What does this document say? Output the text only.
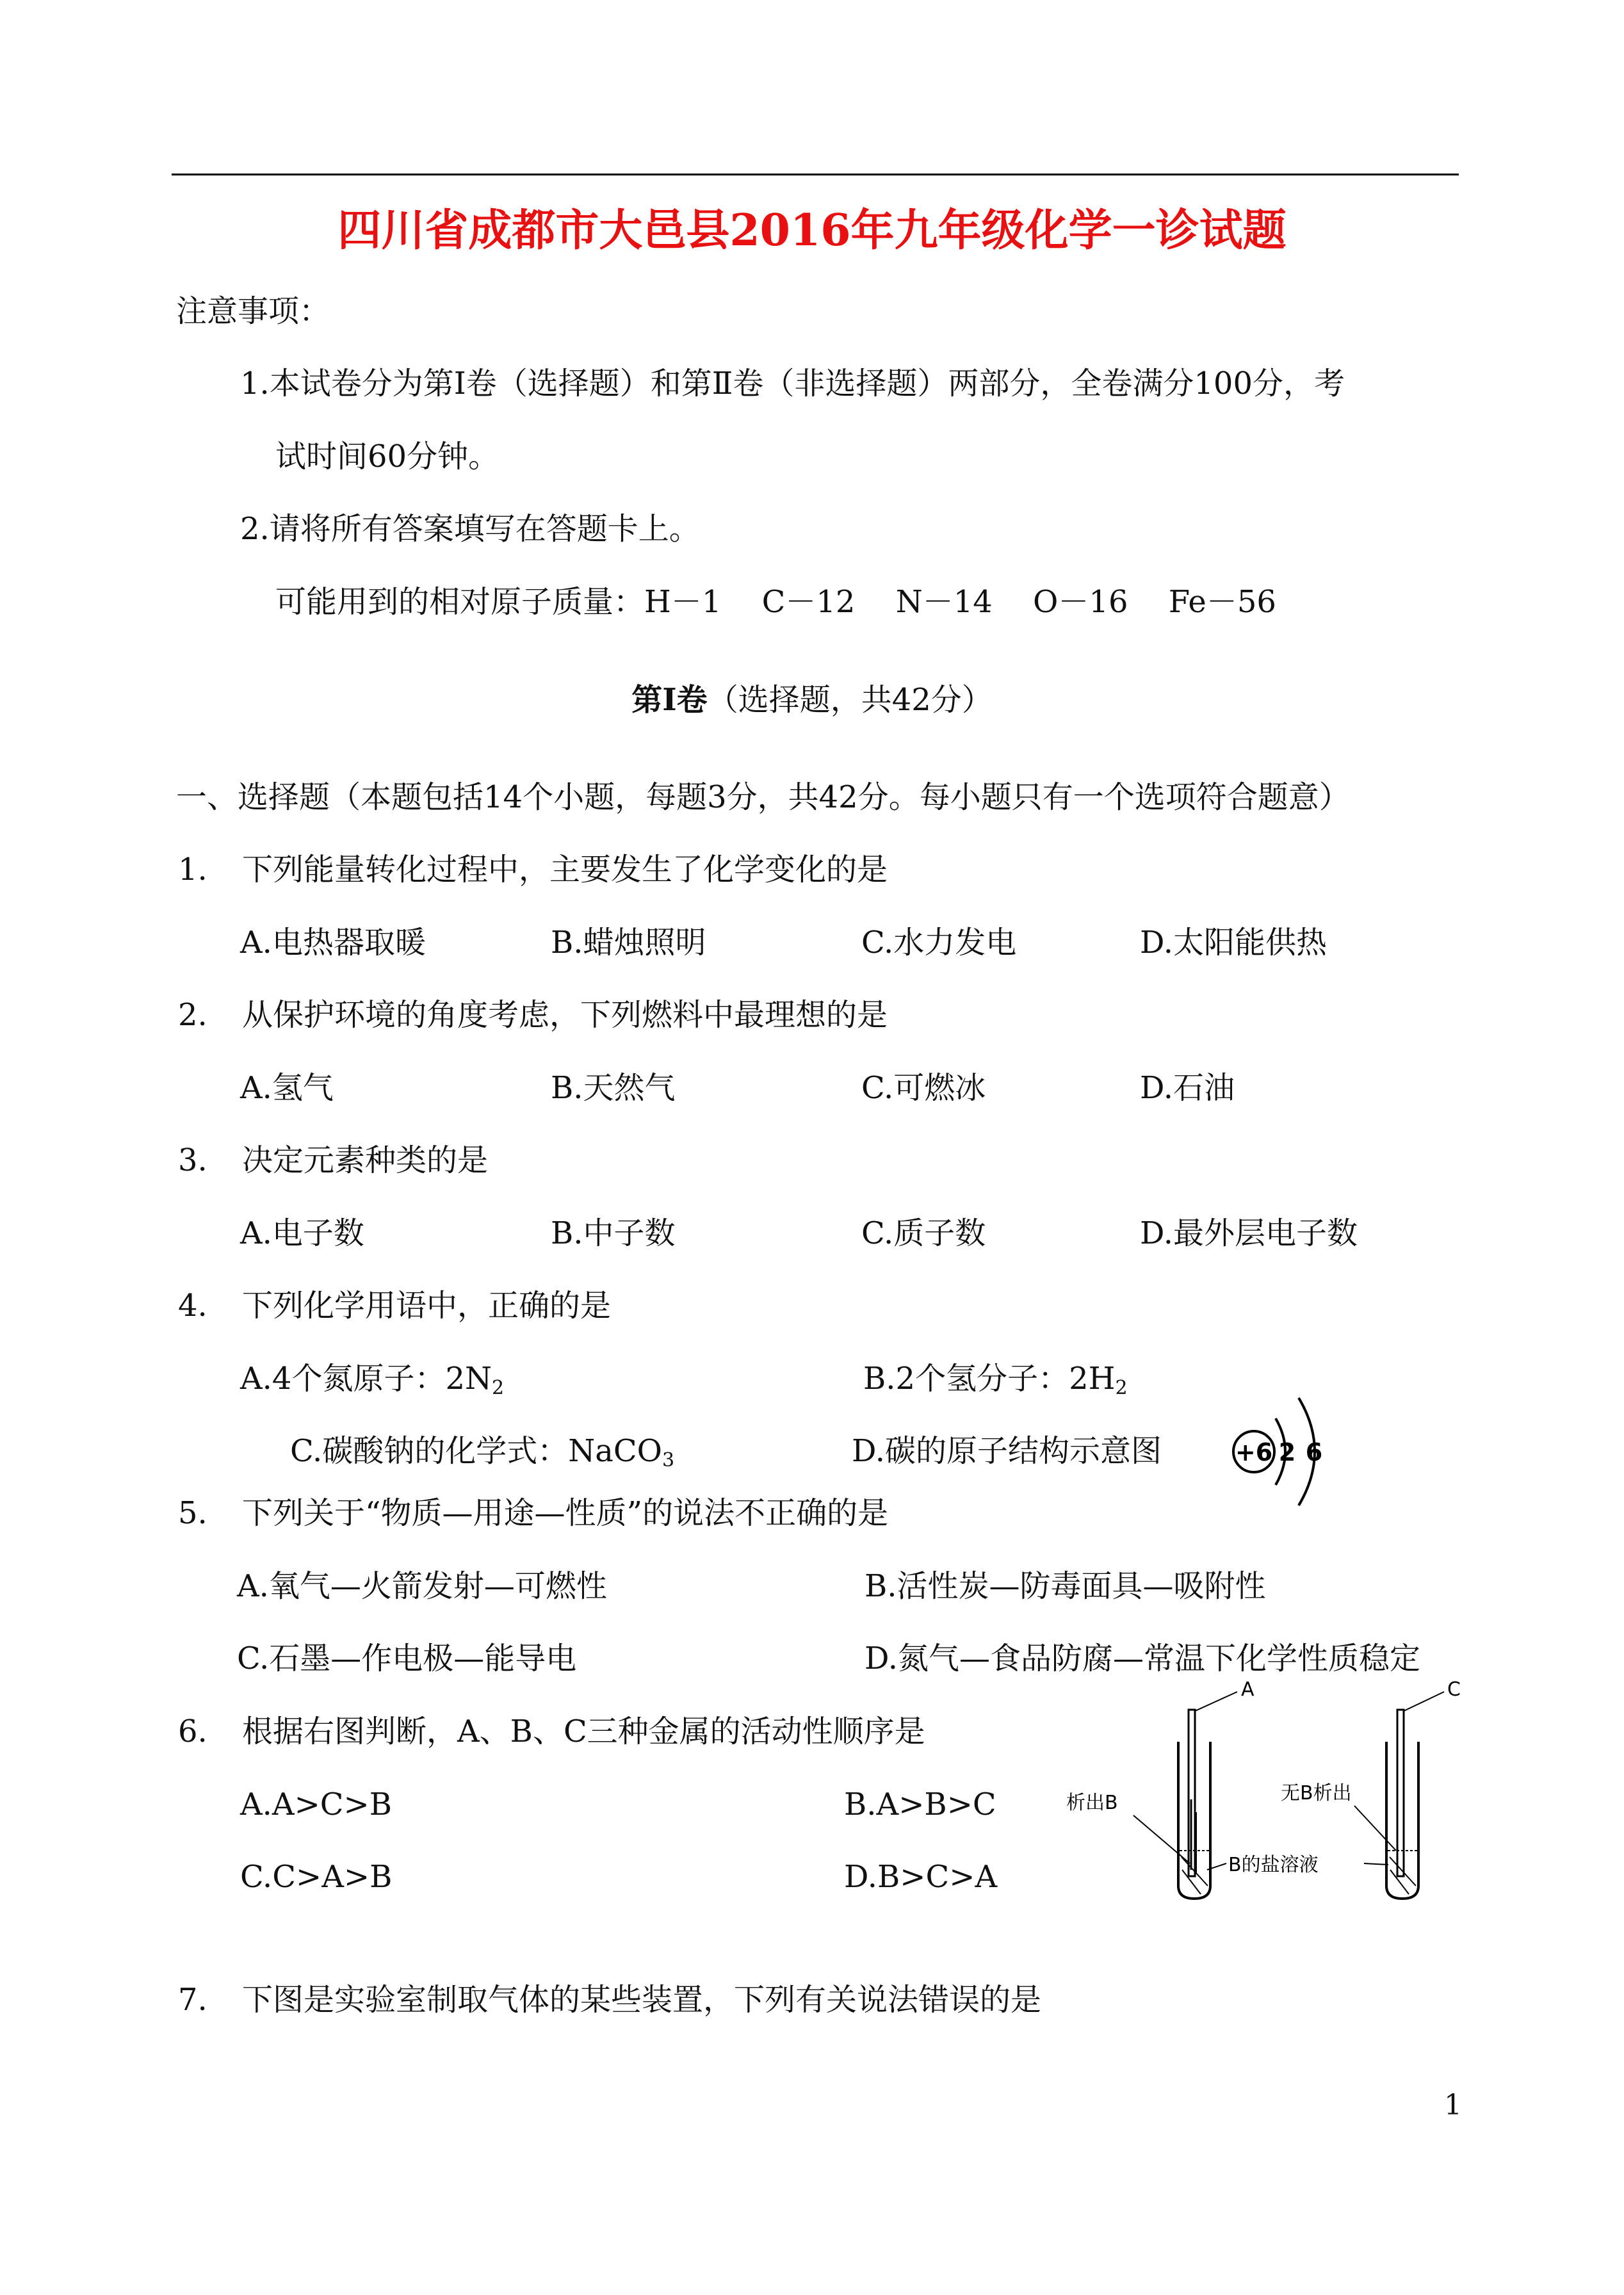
四川省成都市大邑县2016年九年级化学一诊试题
注意事项：
1.本试卷分为第Ⅰ卷（选择题）和第Ⅱ卷（非选择题）两部分，全卷满分100分，考
试时间60分钟。
2.请将所有答案填写在答题卡上。
可能用到的相对原子质量：H－1　 C－12　 N－14　 O－16　 Fe－56
第Ⅰ卷（选择题，共42分）
一、选择题（本题包括14个小题，每题3分，共42分。每小题只有一个选项符合题意）
1. 下列能量转化过程中，主要发生了化学变化的是
A.电热器取暖	B.蜡烛照明	C.水力发电	D.太阳能供热
2. 从保护环境的角度考虑，下列燃料中最理想的是
A.氢气	B.天然气	C.可燃冰	D.石油
3. 决定元素种类的是
A.电子数	B.中子数	C.质子数	D.最外层电子数
4. 下列化学用语中，正确的是
A.4个氮原子：$2N_2$	B.2个氢分子：$2H_2$
C.碳酸钠的化学式：NaCO$_3$	D.碳的原子结构示意图	+6 2 6
5. 下列关于“物质—用途—性质”的说法不正确的是
A.氧气—火箭发射—可燃性	B.活性炭—防毒面具—吸附性
C.石墨—作电极—能导电	D.氮气—食品防腐—常温下化学性质稳定
6. 根据右图判断，A、B、C三种金属的活动性顺序是
A.A>C>B	B.A>B>C
C.C>A>B	D.B>C>A
A
析出B
B的盐溶液
C
无B析出
7. 下图是实验室制取气体的某些装置，下列有关说法错误的是
1
